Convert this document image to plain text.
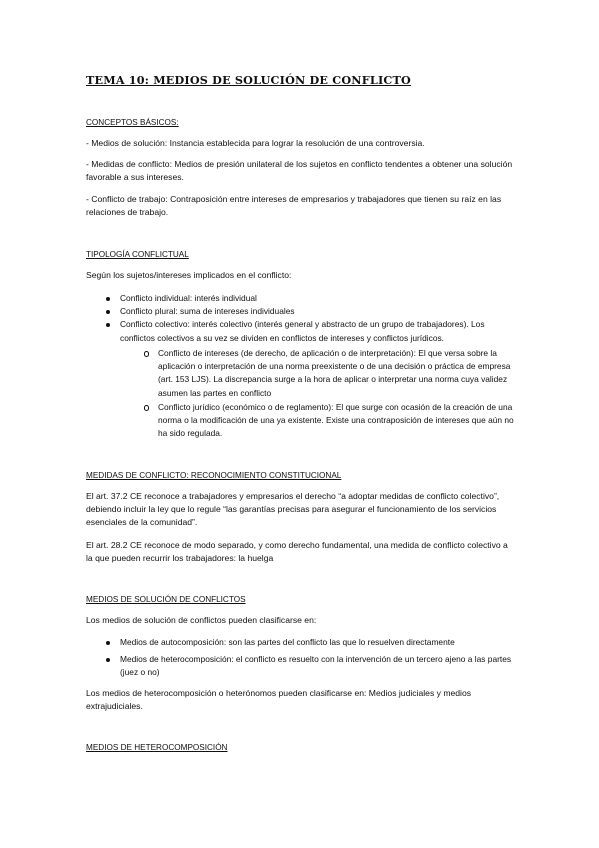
TEMA 10: MEDIOS DE SOLUCIÓN DE CONFLICTO
CONCEPTOS BÁSICOS:

- Medios de solución: Instancia establecida para lograr la resolución de una controversia.

- Medidas de conflicto: Medios de presión unilateral de los sujetos en conflicto tendentes a obtener una solución favorable a sus intereses.

- Conflicto de trabajo: Contraposición entre intereses de empresarios y trabajadores que tienen su raíz en las relaciones de trabajo.

TIPOLOGÍA CONFLICTUAL

Según los sujetos/intereses implicados en el conflicto:

Conflicto individual: interés individual
Conflicto plural: suma de intereses individuales
Conflicto colectivo: interés colectivo (interés general y abstracto de un grupo de trabajadores). Los conflictos colectivos a su vez se dividen en conflictos de intereses y conflictos jurídicos.
Conflicto de intereses (de derecho, de aplicación o de interpretación): El que versa sobre la aplicación o interpretación de una norma preexistente o de una decisión o práctica de empresa (art. 153 LJS). La discrepancia surge a la hora de aplicar o interpretar una norma cuya validez asumen las partes en conflicto
Conflicto jurídico (económico o de reglamento): El que surge con ocasión de la creación de una norma o la modificación de una ya existente. Existe una contraposición de intereses que aún no ha sido regulada.
MEDIDAS DE CONFLICTO: RECONOCIMIENTO CONSTITUCIONAL

El art. 37.2 CE reconoce a trabajadores y empresarios el derecho “a adoptar medidas de conflicto colectivo”, debiendo incluir la ley que lo regule “las garantías precisas para asegurar el funcionamiento de los servicios esenciales de la comunidad”.

El art. 28.2 CE reconoce de modo separado, y como derecho fundamental, una medida de conflicto colectivo a la que pueden recurrir los trabajadores: la huelga

MEDIOS DE SOLUCIÓN DE CONFLICTOS

Los medios de solución de conflictos pueden clasificarse en:

Medios de autocomposición: son las partes del conflicto las que lo resuelven directamente
Medios de heterocomposición: el conflicto es resuelto con la intervención de un tercero ajeno a las partes (juez o no)

Los medios de heterocomposición o heterónomos pueden clasificarse en: Medios judiciales y medios extrajudiciales.

MEDIOS DE HETEROCOMPOSICIÓN
